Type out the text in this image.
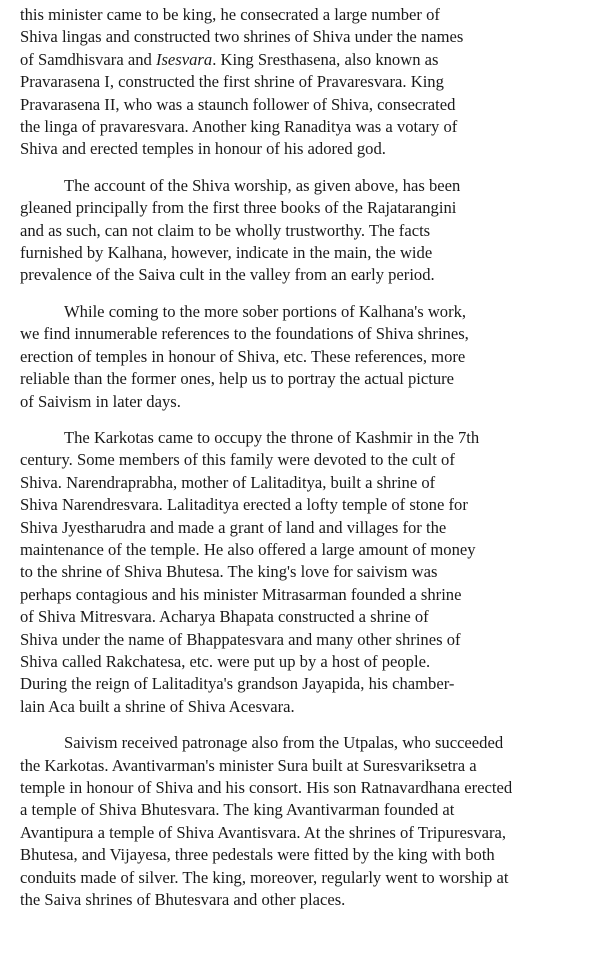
this minister came to be king, he consecrated a large number of
Shiva lingas and constructed two shrines of Shiva under the names
of Samdhisvara and Isesvara. King Sresthasena, also known as
Pravarasena I, constructed the first shrine of Pravaresvara. King
Pravarasena II, who was a staunch follower of Shiva, consecrated
the linga of pravaresvara. Another king Ranaditya was a votary of
Shiva and erected temples in honour of his adored god.

The account of the Shiva worship, as given above, has been
gleaned principally from the first three books of the Rajatarangini
and as such, can not claim to be wholly trustworthy. The facts
furnished by Kalhana, however, indicate in the main, the wide
prevalence of the Saiva cult in the valley from an early period.

While coming to the more sober portions of Kalhana's work,
we find innumerable references to the foundations of Shiva shrines,
erection of temples in honour of Shiva, etc. These references, more
reliable than the former ones, help us to portray the actual picture
of Saivism in later days.

The Karkotas came to occupy the throne of Kashmir in the 7th
century. Some members of this family were devoted to the cult of
Shiva. Narendraprabha, mother of Lalitaditya, built a shrine of
Shiva Narendresvara. Lalitaditya erected a lofty temple of stone for
Shiva Jyestharudra and made a grant of land and villages for the
maintenance of the temple. He also offered a large amount of money
to the shrine of Shiva Bhutesa. The king's love for saivism was
perhaps contagious and his minister Mitrasarman founded a shrine
of Shiva Mitresvara. Acharya Bhapata constructed a shrine of
Shiva under the name of Bhappatesvara and many other shrines of
Shiva called Rakchatesa, etc. were put up by a host of people.
During the reign of Lalitaditya's grandson Jayapida, his chamber-
lain Aca built a shrine of Shiva Acesvara.

Saivism received patronage also from the Utpalas, who succeeded
the Karkotas. Avantivarman's minister Sura built at Suresvariksetra a
temple in honour of Shiva and his consort. His son Ratnavardhana erected
a temple of Shiva Bhutesvara. The king Avantivarman founded at
Avantipura a temple of Shiva Avantisvara. At the shrines of Tripuresvara,
Bhutesa, and Vijayesa, three pedestals were fitted by the king with both
conduits made of silver. The king, moreover, regularly went to worship at
the Saiva shrines of Bhutesvara and other places.
